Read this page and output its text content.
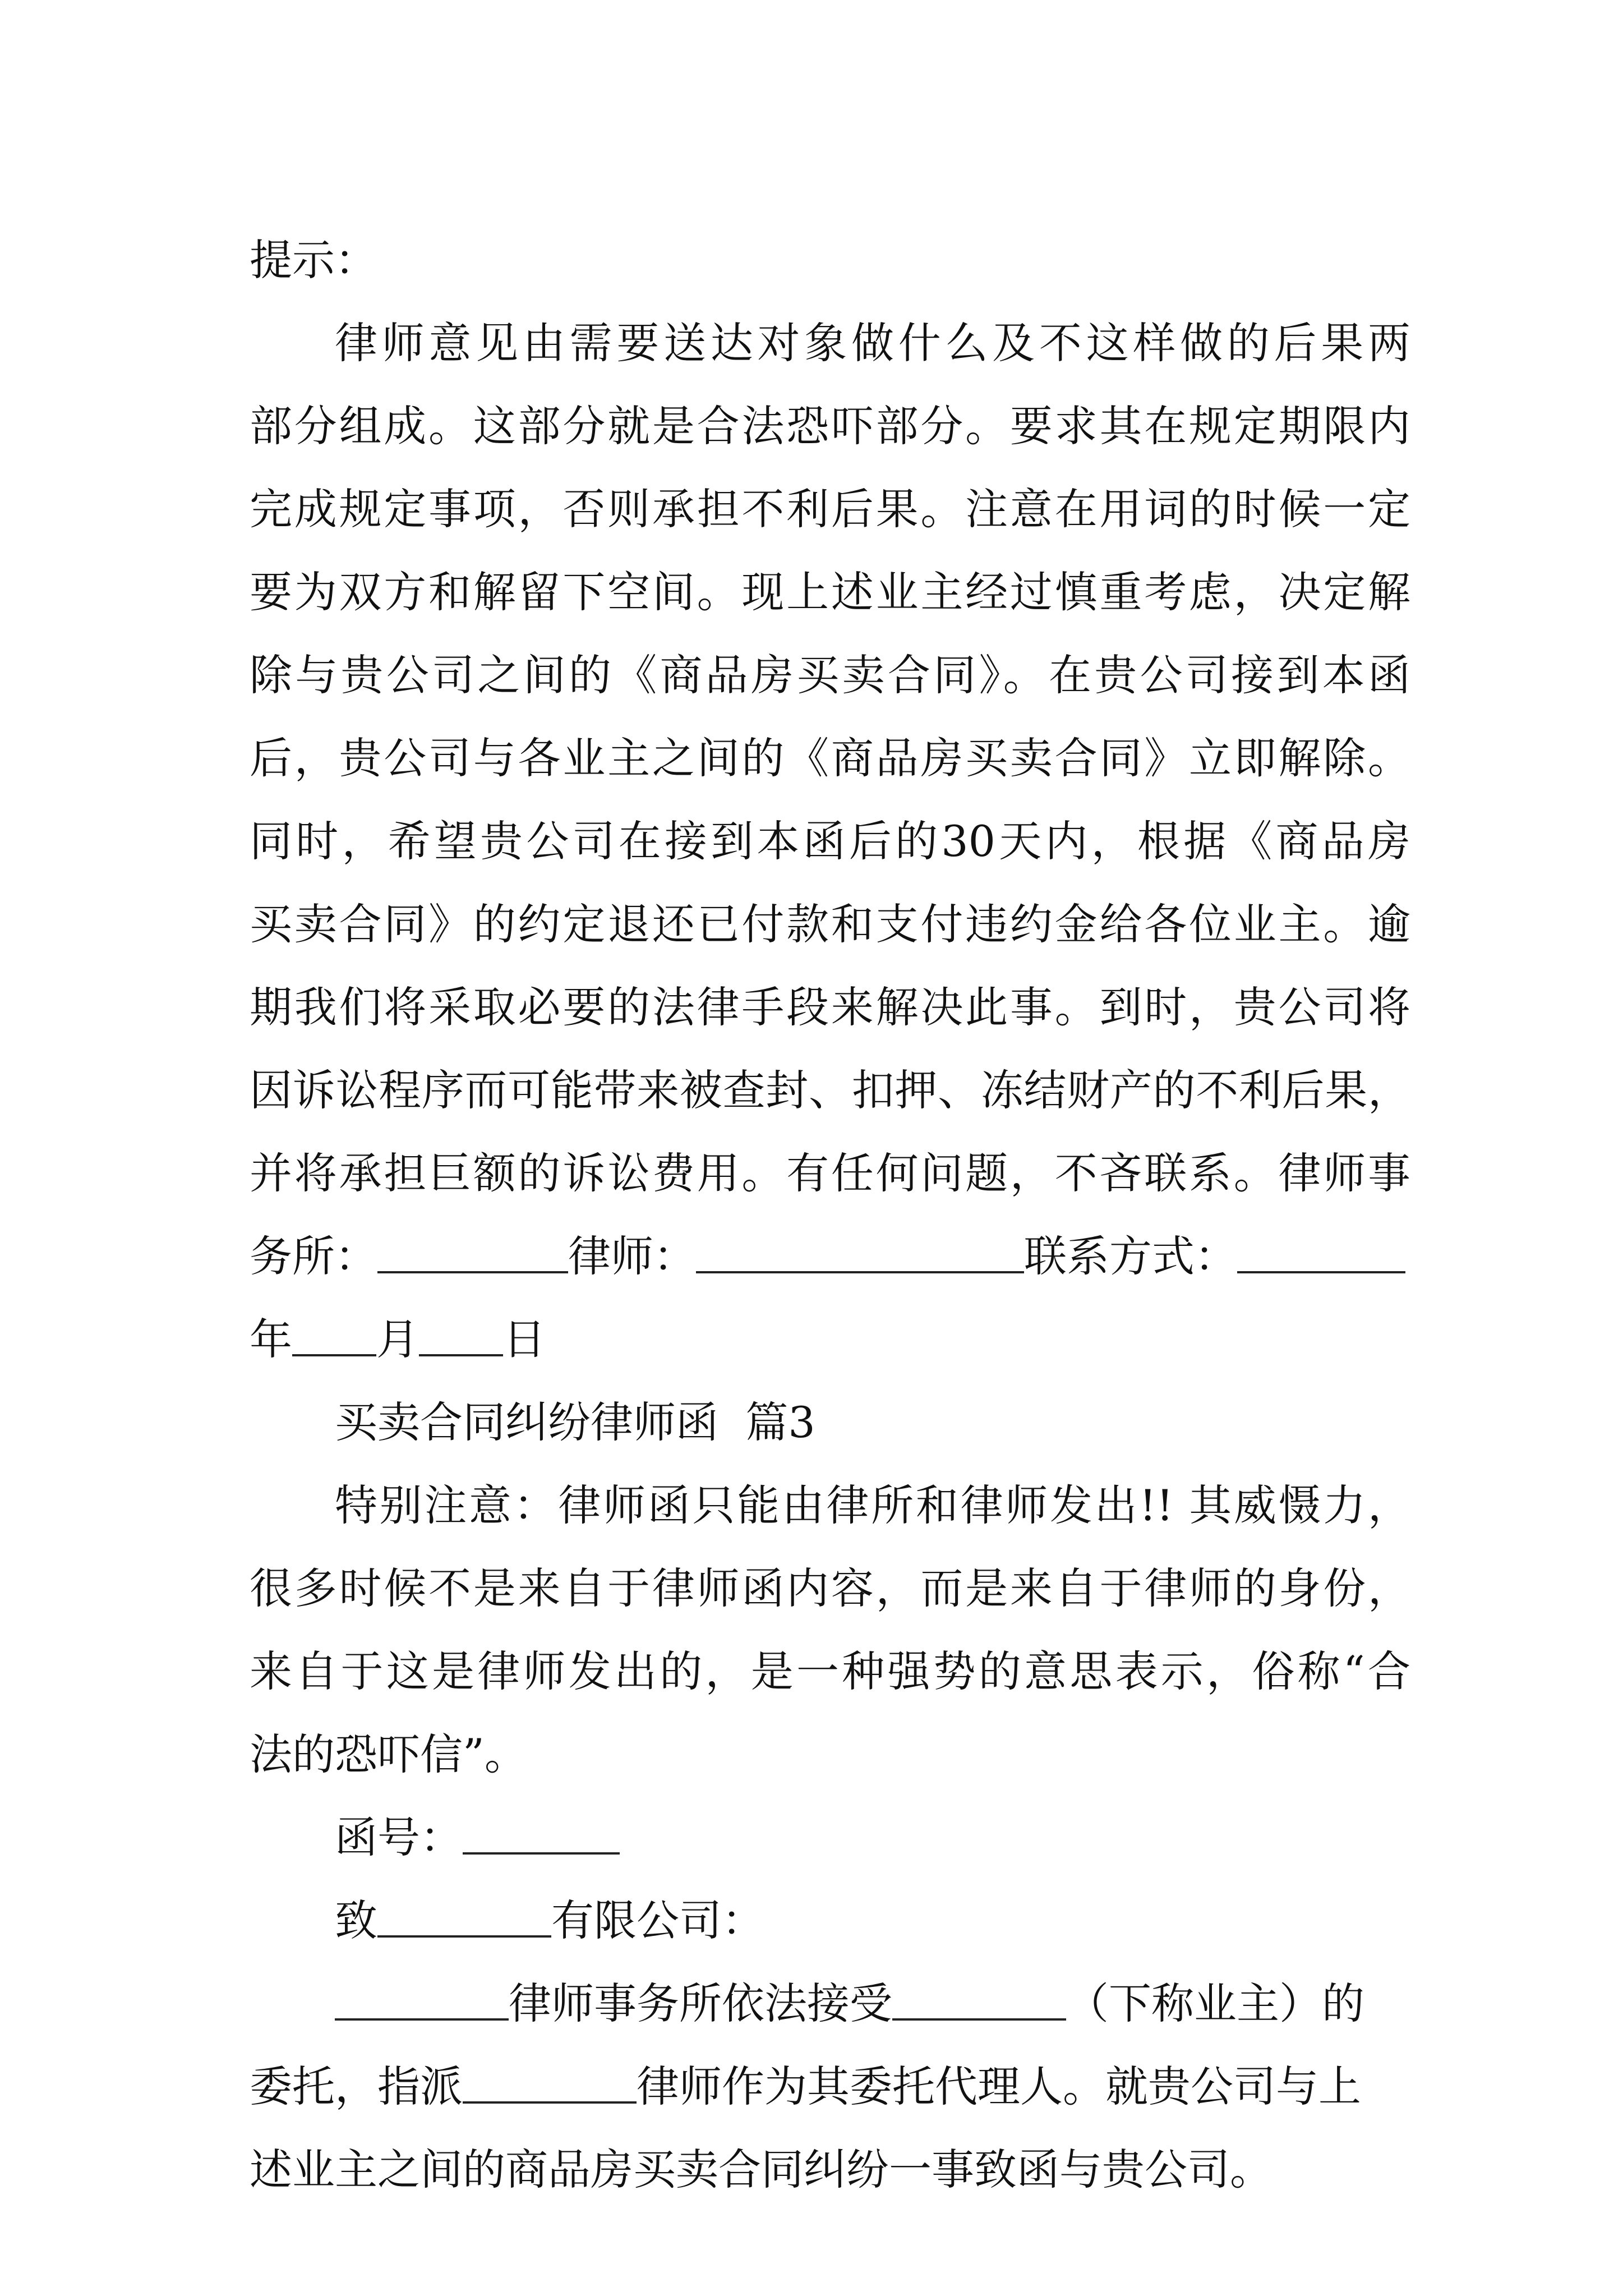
提示：
律师意见由需要送达对象做什么及不这样做的后果两
部分组成。这部分就是合法恐吓部分。要求其在规定期限内
完成规定事项，否则承担不利后果。注意在用词的时候一定
要为双方和解留下空间。现上述业主经过慎重考虑，决定解
除与贵公司之间的《商品房买卖合同》。在贵公司接到本函
后，贵公司与各业主之间的《商品房买卖合同》立即解除。
同时，希望贵公司在接到本函后的30天内，根据《商品房
买卖合同》的约定退还已付款和支付违约金给各位业主。逾
期我们将采取必要的法律手段来解决此事。到时，贵公司将
因诉讼程序而可能带来被查封、扣押、冻结财产的不利后果，
并将承担巨额的诉讼费用。有任何问题，不吝联系。律师事
务所：	律师：	联系方式：
年 月 日
买卖合同纠纷律师函  篇3
特别注意：律师函只能由律所和律师发出!! 其威慑力，
很多时候不是来自于律师函内容，而是来自于律师的身份，
来自于这是律师发出的，是一种强势的意思表示，俗称“合
法的恐吓信”。
函号：
致	有限公司：
律师事务所依法接受	（下称业主）的
委托，指派	律师作为其委托代理人。就贵公司与上
述业主之间的商品房买卖合同纠纷一事致函与贵公司。
